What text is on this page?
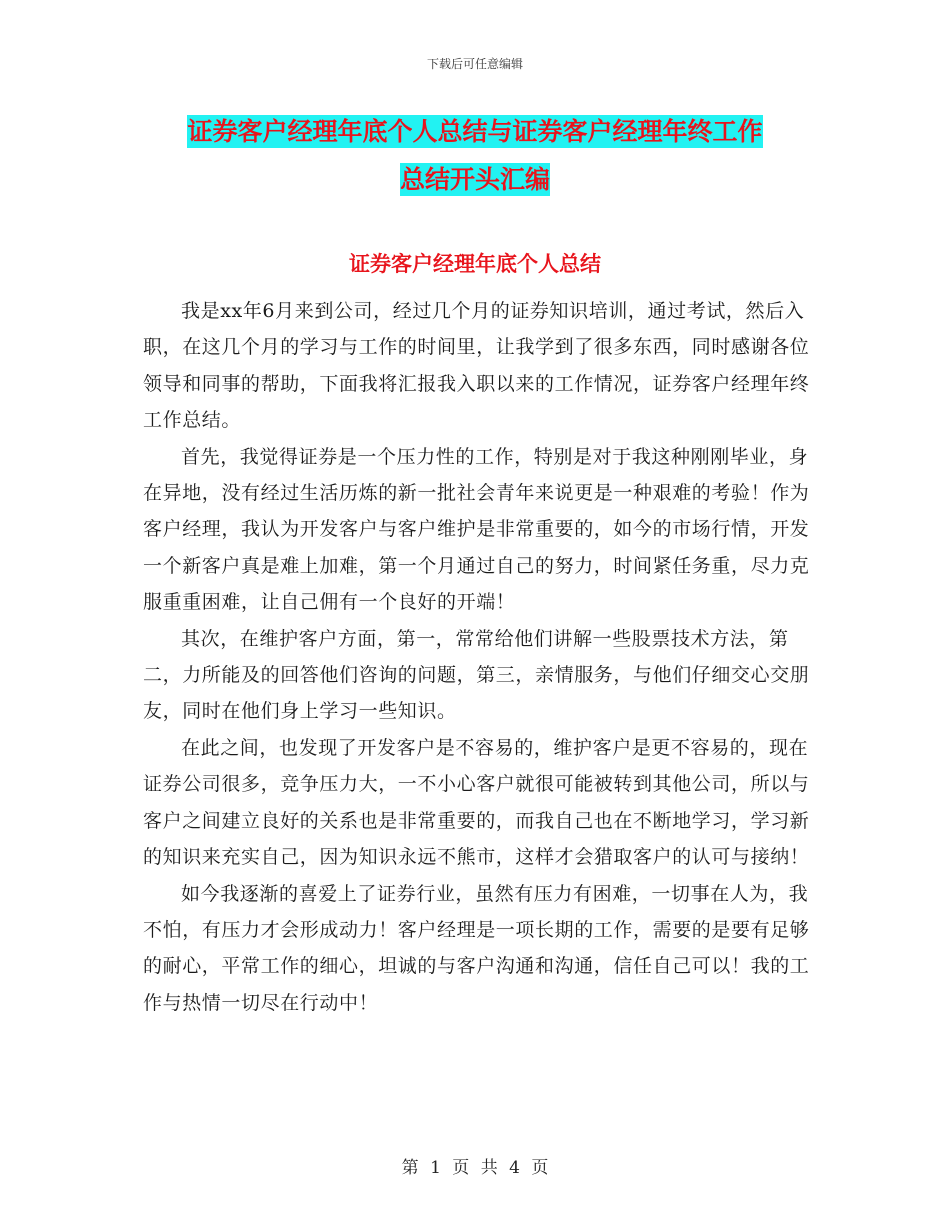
下载后可任意编辑
证券客户经理年底个人总结与证券客户经理年终工作
总结开头汇编
证券客户经理年底个人总结

我是xx年6月来到公司，经过几个月的证券知识培训，通过考试，然后入职，在这几个月的学习与工作的时间里，让我学到了很多东西，同时感谢各位领导和同事的帮助，下面我将汇报我入职以来的工作情况，证券客户经理年终工作总结。

首先，我觉得证券是一个压力性的工作，特别是对于我这种刚刚毕业，身在异地，没有经过生活历炼的新一批社会青年来说更是一种艰难的考验！作为客户经理，我认为开发客户与客户维护是非常重要的，如今的市场行情，开发一个新客户真是难上加难，第一个月通过自己的努力，时间紧任务重，尽力克服重重困难，让自己佣有一个良好的开端！

其次，在维护客户方面，第一，常常给他们讲解一些股票技术方法，第二，力所能及的回答他们咨询的问题，第三，亲情服务，与他们仔细交心交朋友，同时在他们身上学习一些知识。

在此之间，也发现了开发客户是不容易的，维护客户是更不容易的，现在证券公司很多，竞争压力大，一不小心客户就很可能被转到其他公司，所以与客户之间建立良好的关系也是非常重要的，而我自己也在不断地学习，学习新的知识来充实自己，因为知识永远不熊市，这样才会猎取客户的认可与接纳！

如今我逐渐的喜爱上了证券行业，虽然有压力有困难，一切事在人为，我不怕，有压力才会形成动力！客户经理是一项长期的工作，需要的是要有足够的耐心，平常工作的细心，坦诚的与客户沟通和沟通，信任自己可以！我的工作与热情一切尽在行动中！

第 1 页 共 4 页
